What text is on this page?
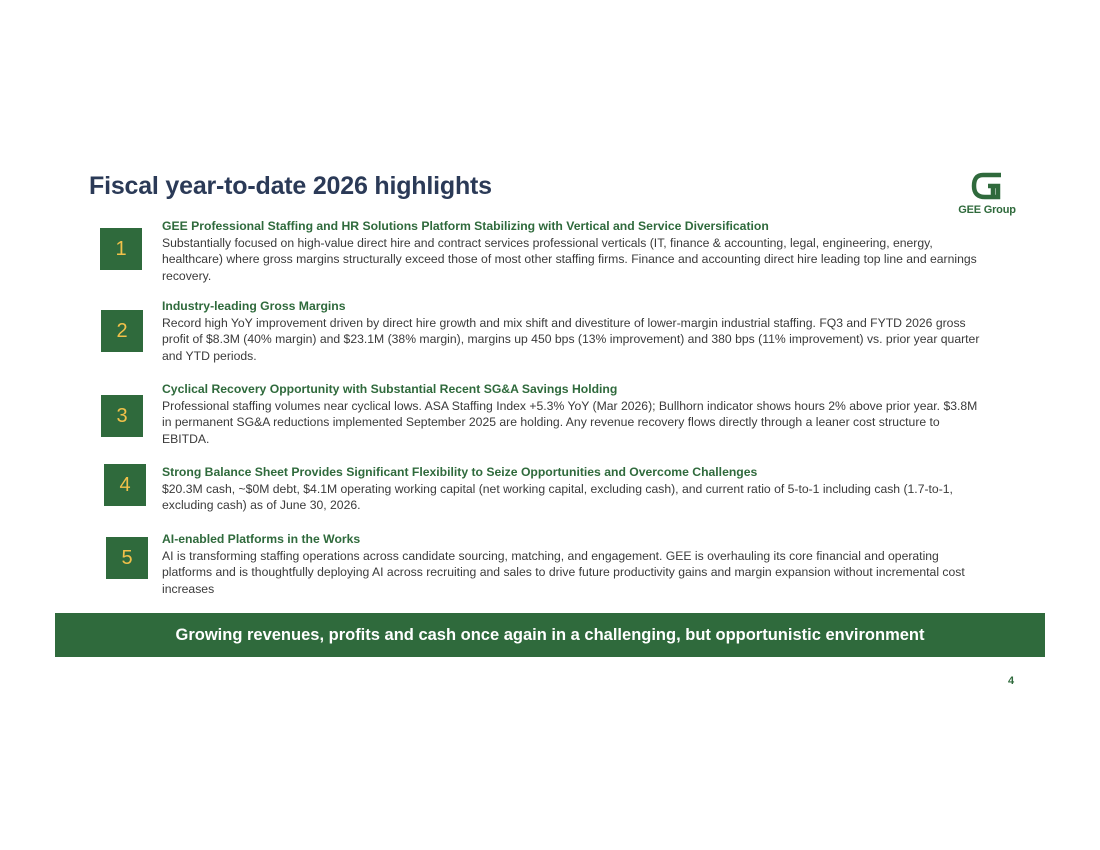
Fiscal year-to-date 2026 highlights
GEE Group
1
GEE Professional Staffing and HR Solutions Platform Stabilizing with Vertical and Service Diversification
Substantially focused on high-value direct hire and contract services professional verticals (IT, finance & accounting, legal, engineering, energy, healthcare) where gross margins structurally exceed those of most other staffing firms. Finance and accounting direct hire leading top line and earnings recovery.
2
Industry-leading Gross Margins
Record high YoY improvement driven by direct hire growth and mix shift and divestiture of lower-margin industrial staffing. FQ3 and FYTD 2026 gross profit of $8.3M (40% margin) and $23.1M (38% margin), margins up 450 bps (13% improvement) and 380 bps (11% improvement) vs. prior year quarter and YTD periods.
3
Cyclical Recovery Opportunity with Substantial Recent SG&A Savings Holding
Professional staffing volumes near cyclical lows. ASA Staffing Index +5.3% YoY (Mar 2026); Bullhorn indicator shows hours 2% above prior year. $3.8M in permanent SG&A reductions implemented September 2025 are holding. Any revenue recovery flows directly through a leaner cost structure to EBITDA.
4
Strong Balance Sheet Provides Significant Flexibility to Seize Opportunities and Overcome Challenges
$20.3M cash, ~$0M debt, $4.1M operating working capital (net working capital, excluding cash), and current ratio of 5-to-1 including cash (1.7-to-1, excluding cash) as of June 30, 2026.
5
AI-enabled Platforms in the Works
AI is transforming staffing operations across candidate sourcing, matching, and engagement. GEE is overhauling its core financial and operating platforms and is thoughtfully deploying AI across recruiting and sales to drive future productivity gains and margin expansion without incremental cost increases
Growing revenues, profits and cash once again in a challenging, but opportunistic environment
4
